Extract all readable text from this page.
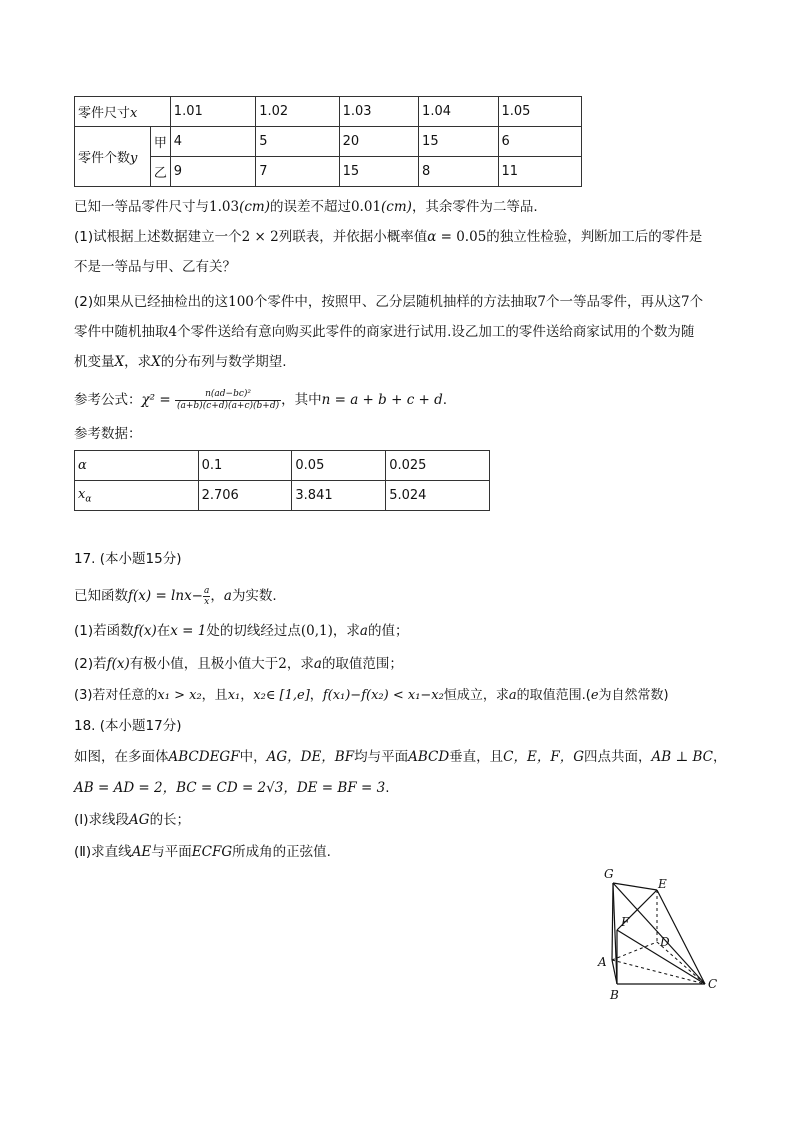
零件尺寸x		1.01	1.02	1.03	1.04	1.05
零件个数y	甲	4	5	20	15	6
	乙	9	7	15	8	11
已知一等品零件尺寸与1.03(cm)的误差不超过0.01(cm)，其余零件为二等品.
(1)试根据上述数据建立一个2 × 2列联表，并依据小概率值α = 0.05的独立性检验，判断加工后的零件是
不是一等品与甲、乙有关？
(2)如果从已经抽检出的这100个零件中，按照甲、乙分层随机抽样的方法抽取7个一等品零件，再从这7个
零件中随机抽取4个零件送给有意向购买此零件的商家进行试用.设乙加工的零件送给商家试用的个数为随
机变量X，求X的分布列与数学期望.
参考公式：$\chi^2 = \frac{\text{n(ad−bc)²}}{(a+b)(c+d)(a+c)(b+d)}$ ，其中n = a + b + c + d.
参考数据：
α	0.1	0.05	0.025
$x_\alpha$	2.706	3.841	5.024
17. (本小题15分)
已知函数$f(x) = \ln x- \frac{a}{x}$ ，a为实数.
(1)若函数f(x)在x = 1处的切线经过点(0,1)，求a的值；
(2)若f(x)有极小值，且极小值大于2，求a的取值范围；
(3)若对任意的x₁ > x₂，且x₁，x₂∈ [1,e]，f(x₁)−f(x₂) < x₁−x₂恒成立，求a的取值范围.(e为自然常数)
18. (本小题17分)
如图，在多面体ABCDEGF中，AG，DE，BF均与平面ABCD垂直，且C，E，F，G四点共面，AB ⊥ BC，
AB = AD = 2，BC = CD = 2√3，DE = BF = 3.
(Ⅰ)求线段AG的长；
(Ⅱ)求直线AE与平面ECFG所成角的正弦值.
G
E
F
D
A
B
C
